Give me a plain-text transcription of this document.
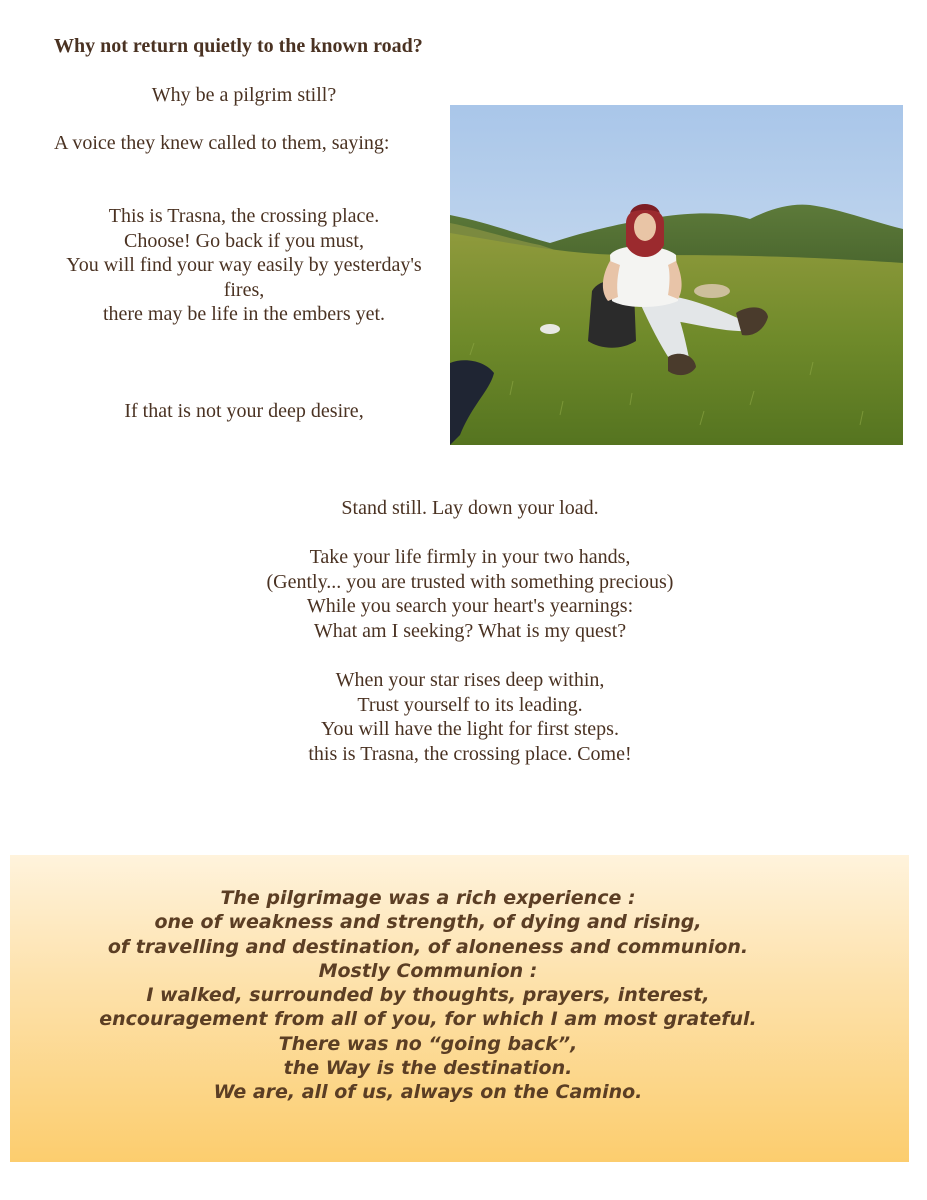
Why not return quietly to the known road?
Why be a pilgrim still?
A voice they knew called to them, saying:
This is Trasna, the crossing place.
Choose! Go back if you must,
You will find your way easily by yesterday's
fires,
there may be life in the embers yet.
If that is not your deep desire,
Stand still. Lay down your load.
Take your life firmly in your two hands,
(Gently... you are trusted with something precious)
While you search your heart's yearnings:
What am I seeking? What is my quest?
When your star rises deep within,
Trust yourself to its leading.
You will have the light for first steps.
this is Trasna, the crossing place. Come!
The pilgrimage was a rich experience :
one of weakness and strength, of dying and rising,
of travelling and destination, of aloneness and communion.
Mostly Communion :
I walked, surrounded by thoughts, prayers, interest,
encouragement from all of you, for which I am most grateful.
There was no “going back”,
the Way is the destination.
We are, all of us, always on the Camino.
